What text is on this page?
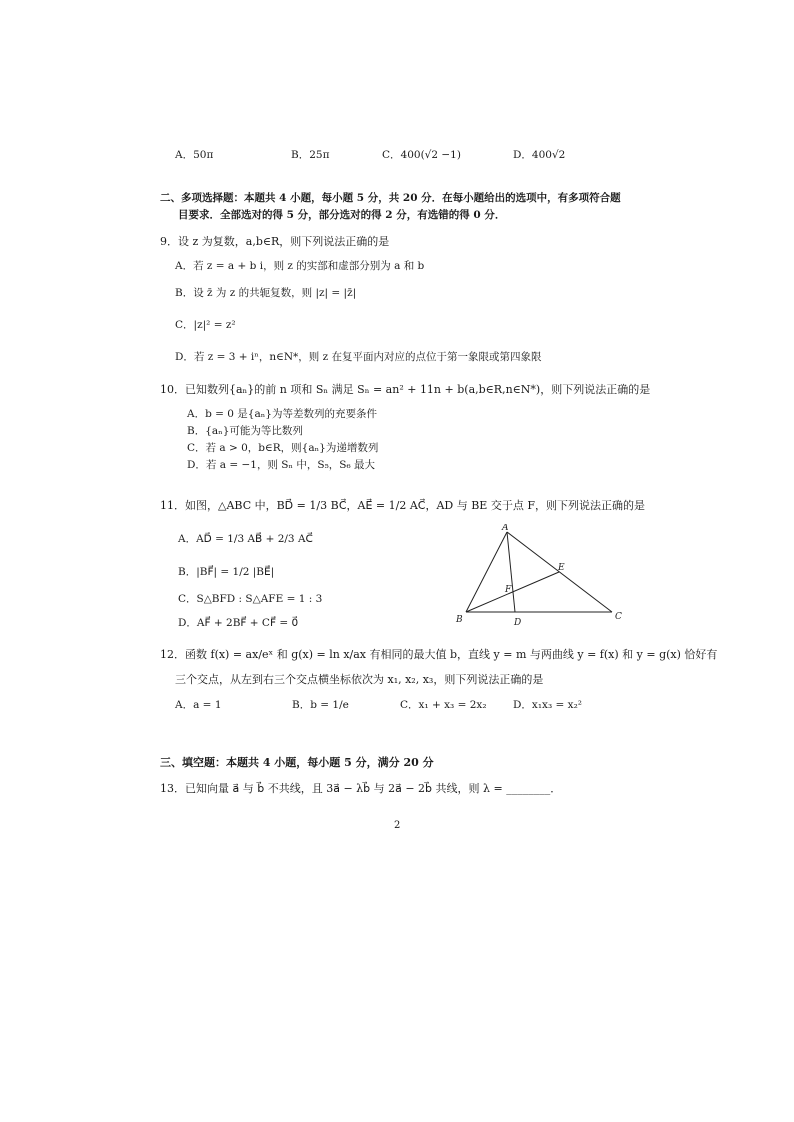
A．50π	B．25π	C．400(√2 −1)	D．400√2
二、多项选择题：本题共 4 小题，每小题 5 分，共 20 分．在每小题给出的选项中，有多项符合题
目要求．全部选对的得 5 分，部分选对的得 2 分，有选错的得 0 分．
9．设 z 为复数，a,b∈R，则下列说法正确的是
A．若 z = a + b i，则 z 的实部和虚部分别为 a 和 b
B．设 z̄ 为 z 的共轭复数，则 |z| = |z̄|
C．|z|² = z²
D．若 z = 3 + iⁿ，n∈N*，则 z 在复平面内对应的点位于第一象限或第四象限
10．已知数列{aₙ}的前 n 项和 Sₙ 满足 Sₙ = an² + 11n + b(a,b∈R,n∈N*)，则下列说法正确的是
A．b = 0 是{aₙ}为等差数列的充要条件
B．{aₙ}可能为等比数列
C．若 a > 0，b∈R，则{aₙ}为递增数列
D．若 a = −1，则 Sₙ 中，S₅，S₆ 最大
11．如图，△ABC 中，BD⃗ = 1/3 BC⃗，AE⃗ = 1/2 AC⃗，AD 与 BE 交于点 F，则下列说法正确的是
A．AD⃗ = 1/3 AB⃗ + 2/3 AC⃗
B．|BF⃗| = 1/2 |BE⃗|
C．S△BFD : S△AFE = 1 : 3
D．AF⃗ + 2BF⃗ + CF⃗ = 0⃗
A
B	C
D
E
F
12．函数 f(x) = ax/eˣ 和 g(x) = ln x/ax 有相同的最大值 b，直线 y = m 与两曲线 y = f(x) 和 y = g(x) 恰好有
三个交点，从左到右三个交点横坐标依次为 x₁, x₂, x₃，则下列说法正确的是
A．a = 1	B．b = 1/e	C．x₁ + x₃ = 2x₂	D．x₁x₃ = x₂²
三、填空题：本题共 4 小题，每小题 5 分，满分 20 分
13．已知向量 a⃗ 与 b⃗ 不共线，且 3a⃗ − λb⃗ 与 2a⃗ − 2b⃗ 共线，则 λ = ________．
2
